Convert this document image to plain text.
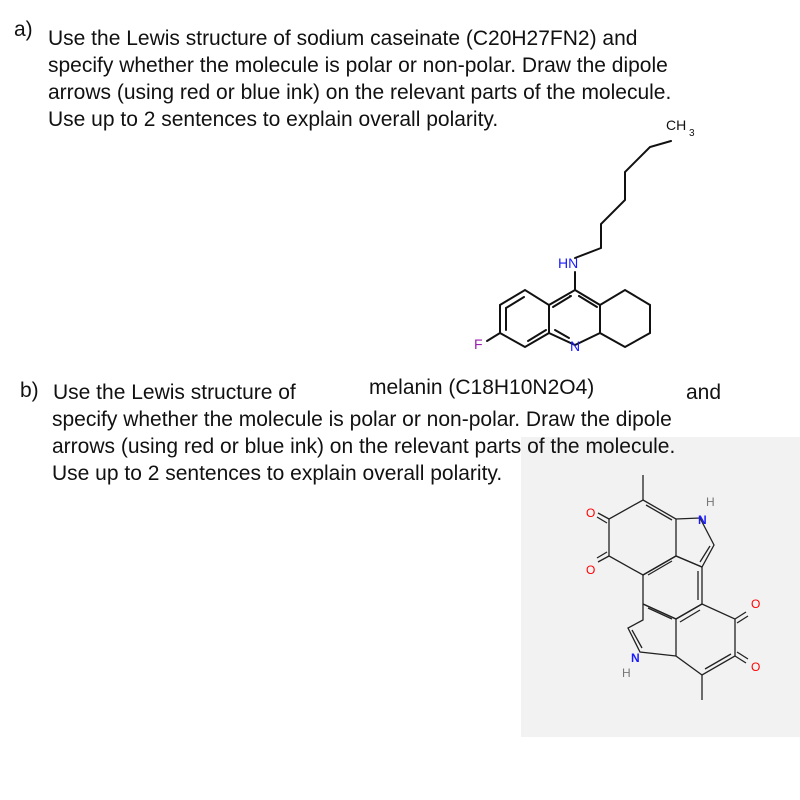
a) Use the Lewis structure of sodium caseinate (C20H27FN2) and
specify whether the molecule is polar or non-polar. Draw the dipole
arrows (using red or blue ink) on the relevant parts of the molecule.
Use up to 2 sentences to explain overall polarity.	CH
3
HN
F	N
b) Use the Lewis structure of	melanin (C18H10N2O4)	and
specify whether the molecule is polar or non-polar. Draw the dipole
arrows (using red or blue ink) on the relevant parts of the molecule.
Use up to 2 sentences to explain overall polarity.
O
O
O
O
N
H
N
H
